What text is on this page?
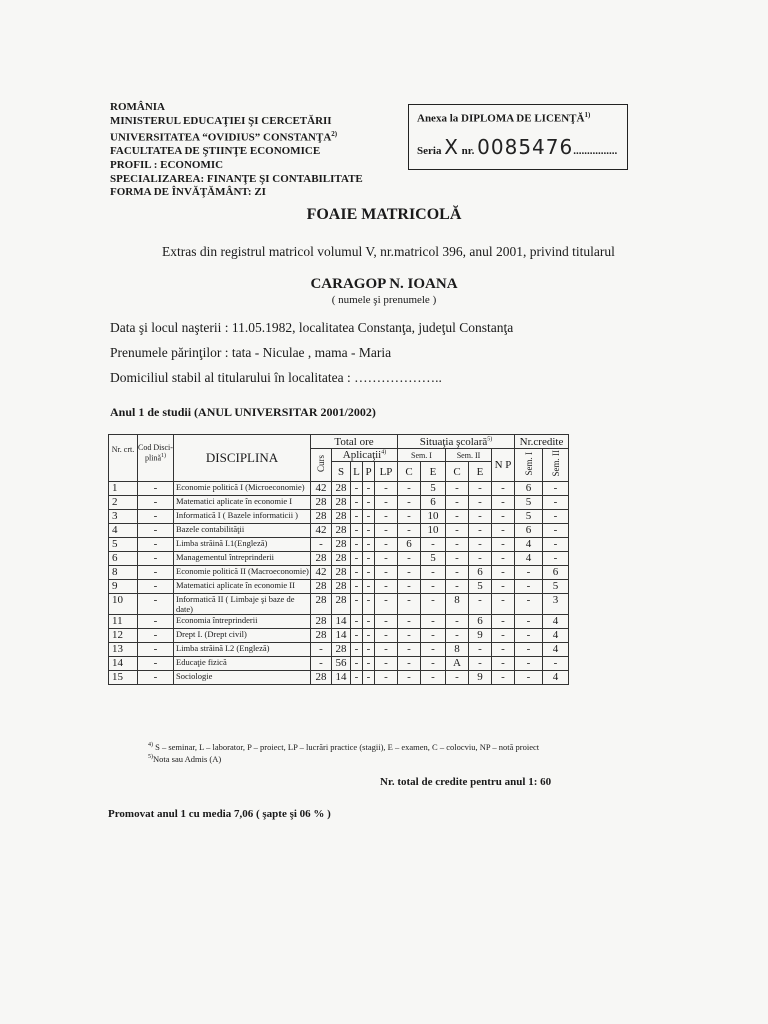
ROMÂNIA
MINISTERUL EDUCAŢIEI ŞI CERCETĂRII
UNIVERSITATEA “OVIDIUS” CONSTANŢA$^{2)}$
FACULTATEA DE ŞTIINŢE ECONOMICE
PROFIL : ECONOMIC
SPECIALIZAREA: FINANŢE ŞI CONTABILITATE
FORMA DE ÎNVĂŢĂMÂNT: ZI
Anexa la DIPLOMA DE LICENŢĂ$^{1)}$
Seria X nr. 0085476................
FOAIE MATRICOLĂ
Extras din registrul matricol volumul V, nr.matricol 396, anul 2001, privind titularul
CARAGOP N. IOANA
( numele şi prenumele )
Data şi locul naşterii : 11.05.1982, localitatea Constanţa, judeţul Constanţa
Prenumele părinţilor : tata - Niculae , mama - Maria
Domiciliul stabil al titularului în localitatea : ………………..
Anul 1 de studii (ANUL UNIVERSITAR 2001/2002)
Nr. crt.	Cod Disci- plină$^{1)}$	DISCIPLINA	Total ore					Situaţia şcolară$^{5)}$					Nr.credite	
			Curs	Aplicaţii$^{4)}$				Sem. I		Sem. II		N P	Sem. I	Sem. II
				S	L	P	LP	C	E	C	E			
1	-	Economie politică I (Microeconomie)	42	28	-	-	-	-	5	-	-	-	6	-
2	-	Matematici aplicate în economie I	28	28	-	-	-	-	6	-	-	-	5	-
3	-	Informatică I ( Bazele informaticii )	28	28	-	-	-	-	10	-	-	-	5	-
4	-	Bazele contabilităţii	42	28	-	-	-	-	10	-	-	-	6	-
5	-	Limba străină I.1(Engleză)	-	28	-	-	-	6	-	-	-	-	4	-
6	-	Managementul întreprinderii	28	28	-	-	-	-	5	-	-	-	4	-
8	-	Economie politică II (Macroeconomie)	42	28	-	-	-	-	-	-	6	-	-	6
9	-	Matematici aplicate în economie II	28	28	-	-	-	-	-	-	5	-	-	5
10	-	Informatică II ( Limbaje şi baze de date)	28	28	-	-	-	-	-	8	-	-	-	3
11	-	Economia întreprinderii	28	14	-	-	-	-	-	-	6	-	-	4
12	-	Drept I. (Drept civil)	28	14	-	-	-	-	-	-	9	-	-	4
13	-	Limba străină I.2 (Engleză)	-	28	-	-	-	-	-	8	-	-	-	4
14	-	Educaţie fizică	-	56	-	-	-	-	-	A	-	-	-	-
15	-	Sociologie	28	14	-	-	-	-	-	-	9	-	-	4
$^{4)}$ S – seminar, L – laborator, P – proiect, LP – lucrări practice (stagii), E – examen, C – colocviu, NP – notă proiect
$^{5)}$Nota sau Admis (A)
Nr. total de credite pentru anul 1: 60
Promovat anul 1 cu media 7,06 ( şapte şi 06 % )
